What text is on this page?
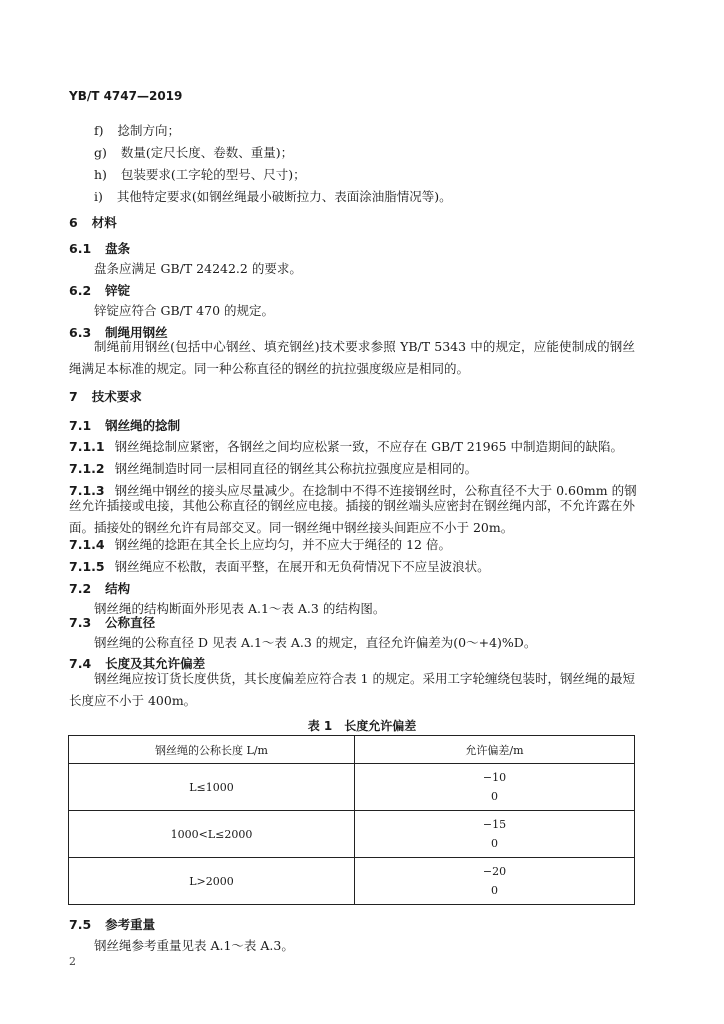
YB/T 4747—2019
f) 捻制方向；
g) 数量(定尺长度、卷数、重量)；
h) 包装要求(工字轮的型号、尺寸)；
i) 其他特定要求(如钢丝绳最小破断拉力、表面涂油脂情况等)。
6 材料
6.1 盘条
盘条应满足 GB/T 24242.2 的要求。
6.2 锌锭
锌锭应符合 GB/T 470 的规定。
6.3 制绳用钢丝
制绳前用钢丝(包括中心钢丝、填充钢丝)技术要求参照 YB/T 5343 中的规定，应能使制成的钢丝绳满足本标准的规定。同一种公称直径的钢丝的抗拉强度级应是相同的。
7 技术要求
7.1 钢丝绳的捻制
7.1.1 钢丝绳捻制应紧密，各钢丝之间均应松紧一致，不应存在 GB/T 21965 中制造期间的缺陷。
7.1.2 钢丝绳制造时同一层相同直径的钢丝其公称抗拉强度应是相同的。
7.1.3 钢丝绳中钢丝的接头应尽量减少。在捻制中不得不连接钢丝时，公称直径不大于 0.60mm 的钢
丝允许插接或电接，其他公称直径的钢丝应电接。插接的钢丝端头应密封在钢丝绳内部，不允许露在外面。插接处的钢丝允许有局部交叉。同一钢丝绳中钢丝接头间距应不小于 20m。
7.1.4 钢丝绳的捻距在其全长上应均匀，并不应大于绳径的 12 倍。
7.1.5 钢丝绳应不松散，表面平整，在展开和无负荷情况下不应呈波浪状。
7.2 结构
钢丝绳的结构断面外形见表 A.1～表 A.3 的结构图。
7.3 公称直径
钢丝绳的公称直径 D 见表 A.1～表 A.3 的规定，直径允许偏差为(0～+4)%D。
7.4 长度及其允许偏差
钢丝绳应按订货长度供货，其长度偏差应符合表 1 的规定。采用工字轮缠绕包装时，钢丝绳的最短长度应不小于 400m。
表 1　长度允许偏差
钢丝绳的公称长度 L/m	允许偏差/m
L≤1000	−10
0

1000<L≤2000	−15
0

L>2000	−20
0
7.5 参考重量
钢丝绳参考重量见表 A.1～表 A.3。
2
